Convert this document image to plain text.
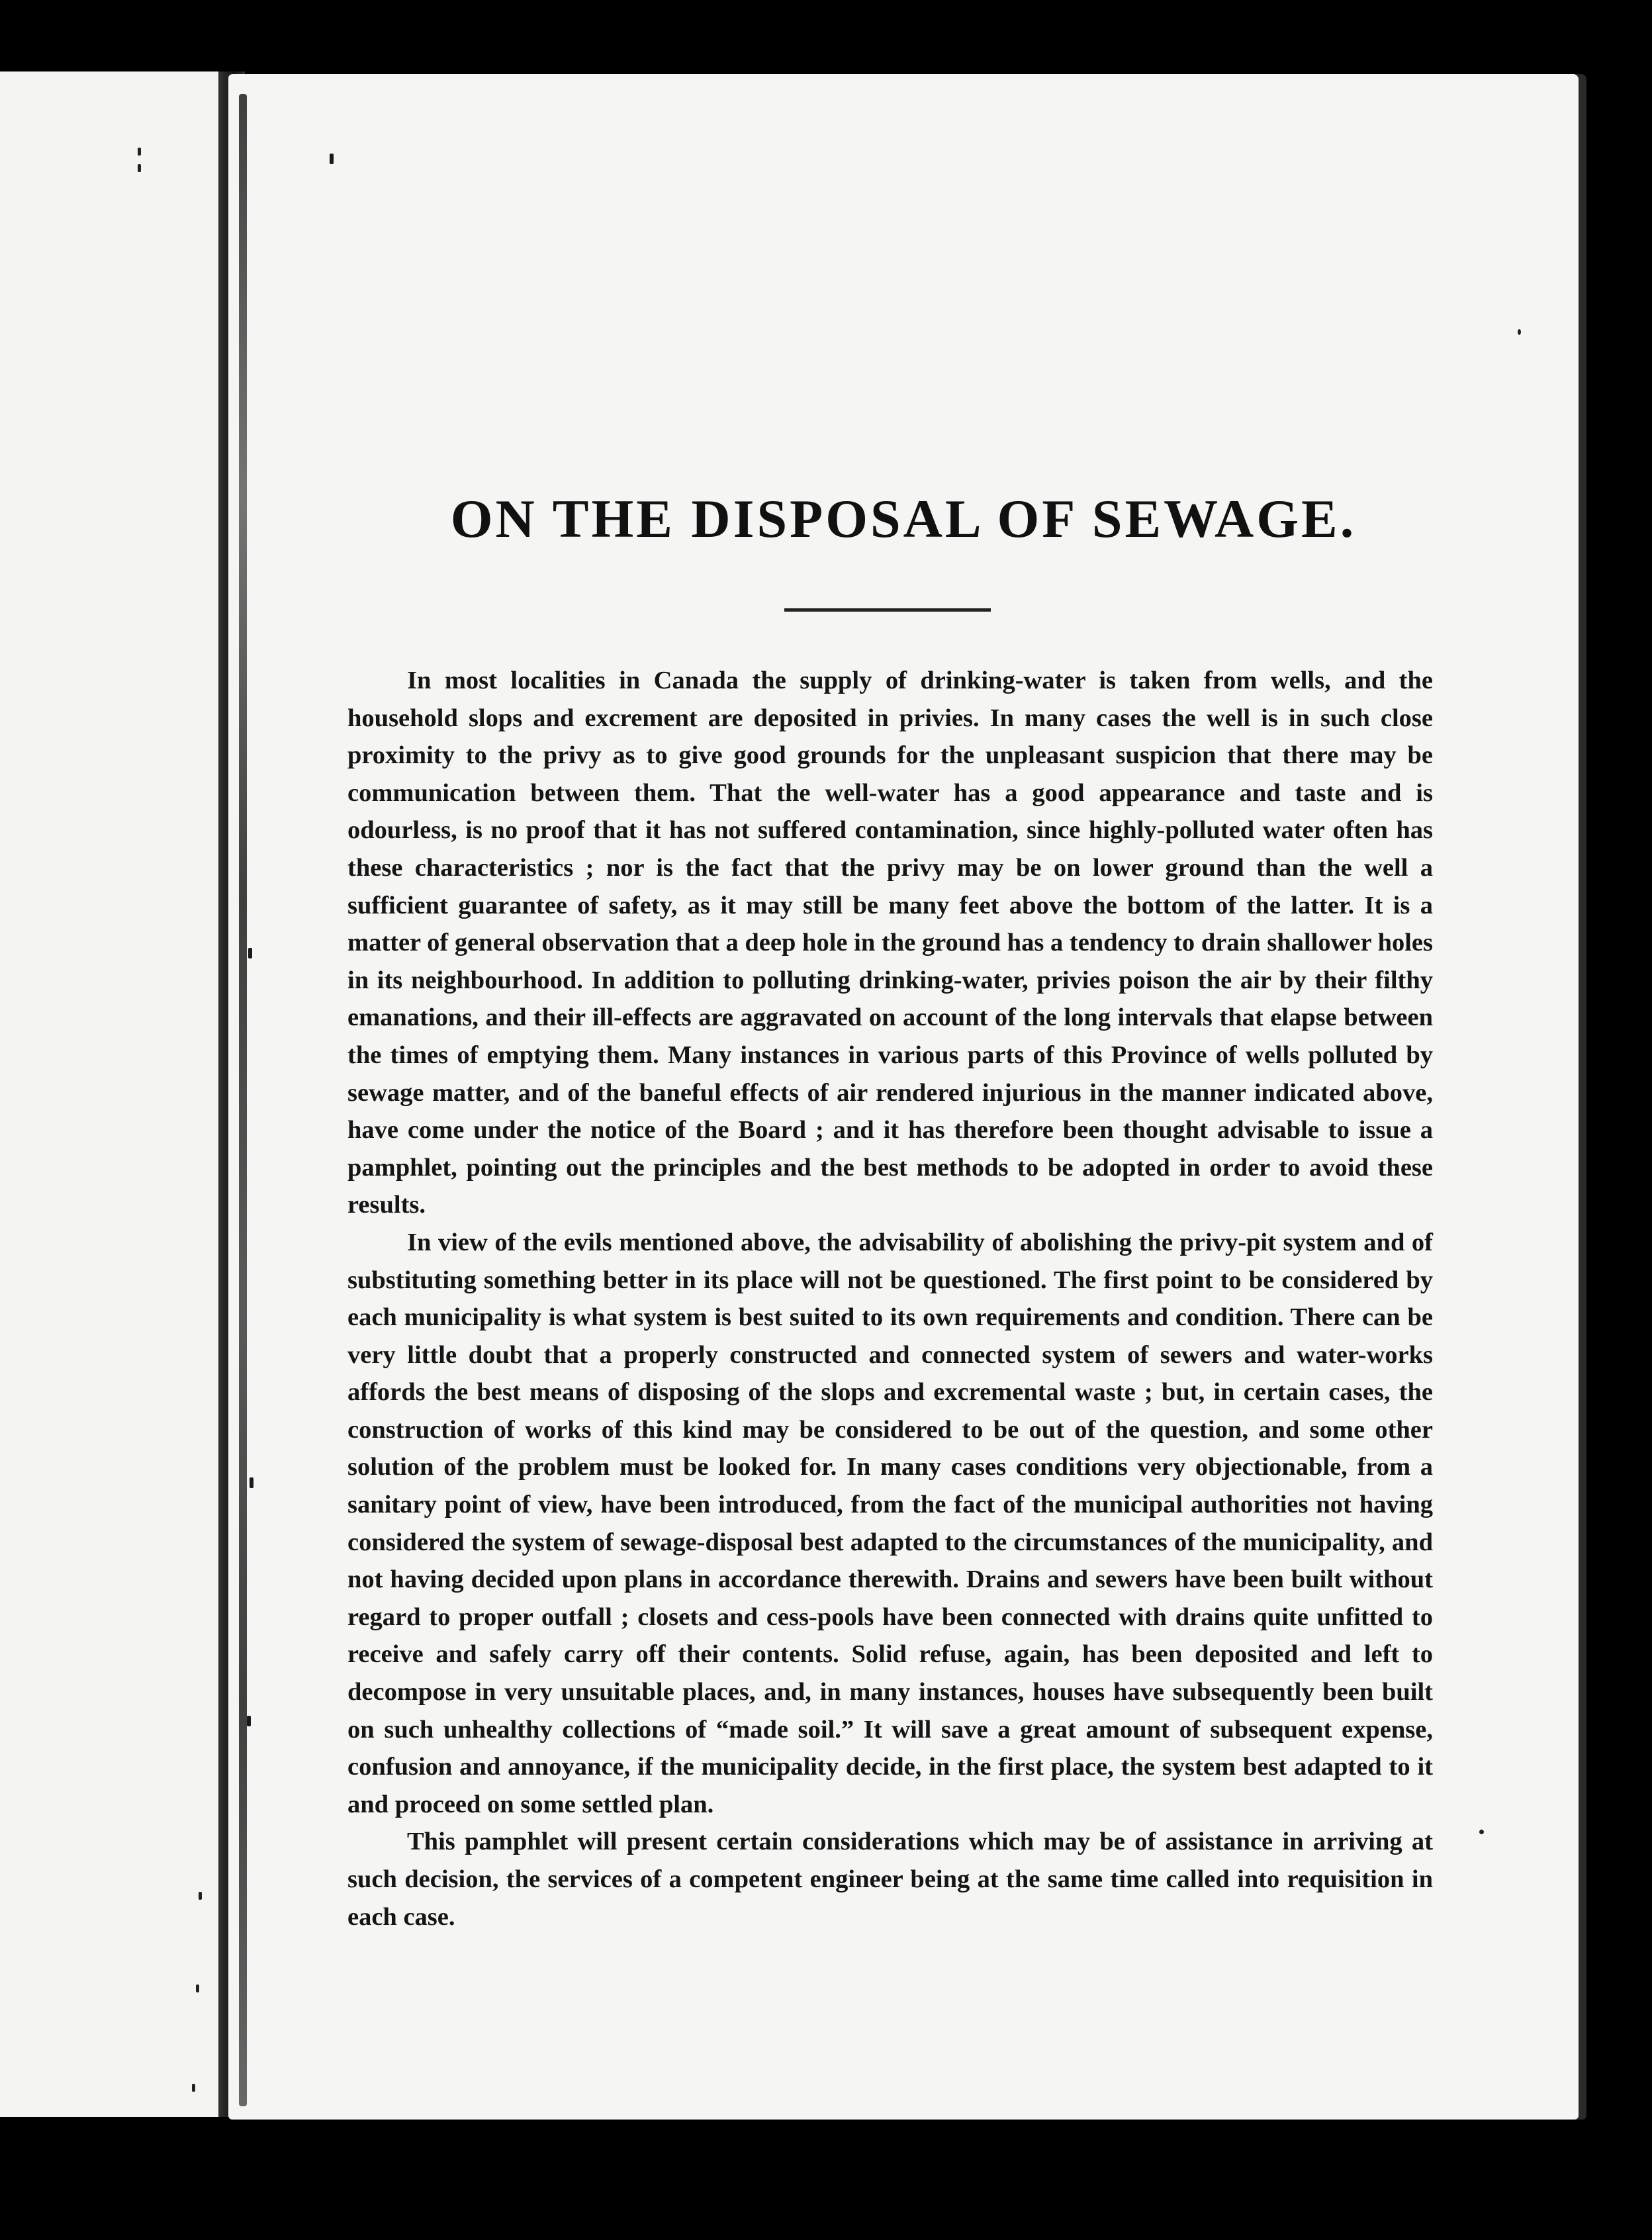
ON THE DISPOSAL OF SEWAGE.

In most localities in Canada the supply of drinking-water is taken from wells, and the household slops and excrement are deposited in privies. In many cases the well is in such close proximity to the privy as to give good grounds for the unpleasant suspicion that there may be communication between them. That the well-water has a good appearance and taste and is odourless, is no proof that it has not suffered contamination, since highly-polluted water often has these characteristics ; nor is the fact that the privy may be on lower ground than the well a sufficient guarantee of safety, as it may still be many feet above the bottom of the latter. It is a matter of general observation that a deep hole in the ground has a tendency to drain shallower holes in its neighbourhood. In addition to polluting drinking-water, privies poison the air by their filthy emanations, and their ill-effects are aggravated on account of the long intervals that elapse between the times of emptying them. Many instances in various parts of this Province of wells polluted by sewage matter, and of the baneful effects of air rendered injurious in the manner indicated above, have come under the notice of the Board ; and it has therefore been thought advisable to issue a pamphlet, pointing out the principles and the best methods to be adopted in order to avoid these results.

In view of the evils mentioned above, the advisability of abolishing the privy-pit system and of substituting something better in its place will not be questioned. The first point to be considered by each municipality is what system is best suited to its own requirements and condition. There can be very little doubt that a properly constructed and connected system of sewers and water-works affords the best means of disposing of the slops and excremental waste ; but, in certain cases, the construction of works of this kind may be considered to be out of the question, and some other solution of the problem must be looked for. In many cases conditions very objectionable, from a sanitary point of view, have been introduced, from the fact of the municipal authorities not having considered the system of sewage-disposal best adapted to the circumstances of the municipality, and not having decided upon plans in accordance therewith. Drains and sewers have been built without regard to proper outfall ; closets and cess-pools have been connected with drains quite unfitted to receive and safely carry off their contents. Solid refuse, again, has been deposited and left to decompose in very unsuitable places, and, in many instances, houses have subsequently been built on such unhealthy collections of “made soil.” It will save a great amount of subsequent expense, confusion and annoyance, if the municipality decide, in the first place, the system best adapted to it and proceed on some settled plan.

This pamphlet will present certain considerations which may be of assistance in arriving at such decision, the services of a competent engineer being at the same time called into requisition in each case.
